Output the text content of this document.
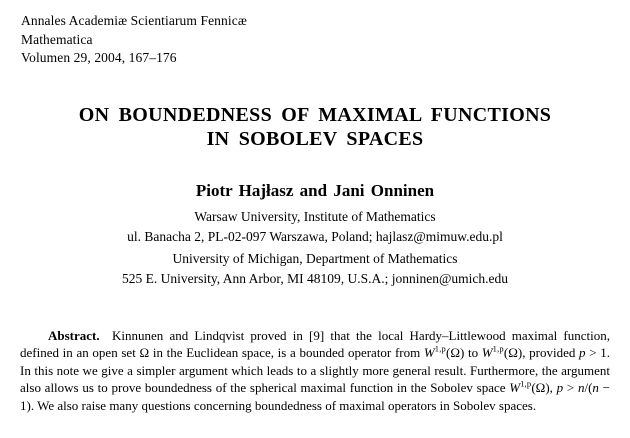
Annales Academiæ Scientiarum Fennicæ
Mathematica
Volumen 29, 2004, 167–176
ON BOUNDEDNESS OF MAXIMAL FUNCTIONS
IN SOBOLEV SPACES
Piotr Hajłasz and Jani Onninen
Warsaw University, Institute of Mathematics
ul. Banacha 2, PL-02-097 Warszawa, Poland; hajlasz@mimuw.edu.pl
University of Michigan, Department of Mathematics
525 E. University, Ann Arbor, MI 48109, U.S.A.; jonninen@umich.edu

Abstract.  Kinnunen and Lindqvist proved in [9] that the local Hardy–Littlewood maximal function, defined in an open set Ω in the Euclidean space, is a bounded operator from W$^{1,p}$(Ω) to W$^{1,p}$(Ω), provided p > 1. In this note we give a simpler argument which leads to a slightly more general result. Furthermore, the argument also allows us to prove boundedness of the spherical maximal function in the Sobolev space W$^{1,p}$(Ω), p > n/(n − 1). We also raise many questions concerning boundedness of maximal operators in Sobolev spaces.
